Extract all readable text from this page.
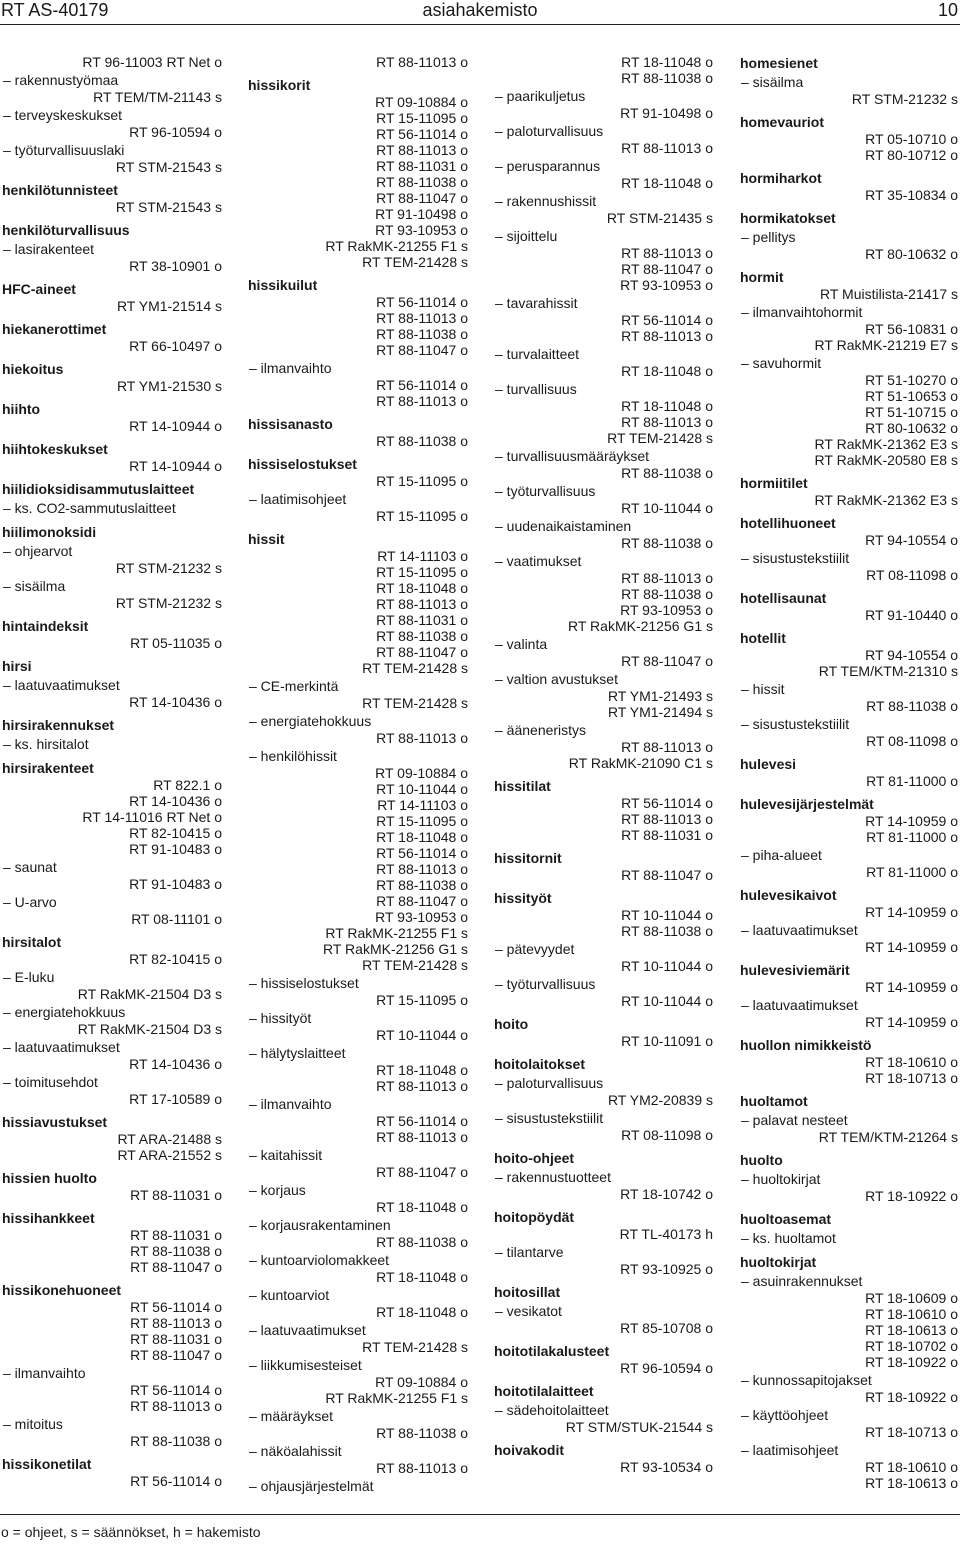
RT AS-40179	asiahakemisto	10
RT 96-11003 RT Net o
– rakennustyömaa
RT TEM/TM-21143 s
– terveyskeskukset
RT 96-10594 o
– työturvallisuuslaki
RT STM-21543 s
henkilötunnisteet
RT STM-21543 s
henkilöturvallisuus
– lasirakenteet
RT 38-10901 o
HFC-aineet
RT YM1-21514 s
hiekanerottimet
RT 66-10497 o
hiekoitus
RT YM1-21530 s
hiihto
RT 14-10944 o
hiihtokeskukset
RT 14-10944 o
hiilidioksidisammutuslaitteet
– ks. CO2-sammutuslaitteet
hiilimonoksidi
– ohjearvot
RT STM-21232 s
– sisäilma
RT STM-21232 s
hintaindeksit
RT 05-11035 o
hirsi
– laatuvaatimukset
RT 14-10436 o
hirsirakennukset
– ks. hirsitalot
hirsirakenteet
RT 822.1 o
RT 14-10436 o
RT 14-11016 RT Net o
RT 82-10415 o
RT 91-10483 o
– saunat
RT 91-10483 o
– U-arvo
RT 08-11101 o
hirsitalot
RT 82-10415 o
– E-luku
RT RakMK-21504 D3 s
– energiatehokkuus
RT RakMK-21504 D3 s
– laatuvaatimukset
RT 14-10436 o
– toimitusehdot
RT 17-10589 o
hissiavustukset
RT ARA-21488 s
RT ARA-21552 s
hissien huolto
RT 88-11031 o
hissihankkeet
RT 88-11031 o
RT 88-11038 o
RT 88-11047 o
hissikonehuoneet
RT 56-11014 o
RT 88-11013 o
RT 88-11031 o
RT 88-11047 o
– ilmanvaihto
RT 56-11014 o
RT 88-11013 o
– mitoitus
RT 88-11038 o
hissikonetilat
RT 56-11014 o
RT 88-11013 o
hissikorit
RT 09-10884 o
RT 15-11095 o
RT 56-11014 o
RT 88-11013 o
RT 88-11031 o
RT 88-11038 o
RT 88-11047 o
RT 91-10498 o
RT 93-10953 o
RT RakMK-21255 F1 s
RT TEM-21428 s
hissikuilut
RT 56-11014 o
RT 88-11013 o
RT 88-11038 o
RT 88-11047 o
– ilmanvaihto
RT 56-11014 o
RT 88-11013 o
hissisanasto
RT 88-11038 o
hissiselostukset
RT 15-11095 o
– laatimisohjeet
RT 15-11095 o
hissit
RT 14-11103 o
RT 15-11095 o
RT 18-11048 o
RT 88-11013 o
RT 88-11031 o
RT 88-11038 o
RT 88-11047 o
RT TEM-21428 s
– CE-merkintä
RT TEM-21428 s
– energiatehokkuus
RT 88-11013 o
– henkilöhissit
RT 09-10884 o
RT 10-11044 o
RT 14-11103 o
RT 15-11095 o
RT 18-11048 o
RT 56-11014 o
RT 88-11013 o
RT 88-11038 o
RT 88-11047 o
RT 93-10953 o
RT RakMK-21255 F1 s
RT RakMK-21256 G1 s
RT TEM-21428 s
– hissiselostukset
RT 15-11095 o
– hissityöt
RT 10-11044 o
– hälytyslaitteet
RT 18-11048 o
RT 88-11013 o
– ilmanvaihto
RT 56-11014 o
RT 88-11013 o
– kaitahissit
RT 88-11047 o
– korjaus
RT 18-11048 o
– korjausrakentaminen
RT 88-11038 o
– kuntoarviolomakkeet
RT 18-11048 o
– kuntoarviot
RT 18-11048 o
– laatuvaatimukset
RT TEM-21428 s
– liikkumisesteiset
RT 09-10884 o
RT RakMK-21255 F1 s
– määräykset
RT 88-11038 o
– näköalahissit
RT 88-11013 o
– ohjausjärjestelmät
RT 18-11048 o
RT 88-11038 o
– paarikuljetus
RT 91-10498 o
– paloturvallisuus
RT 88-11013 o
– perusparannus
RT 18-11048 o
– rakennushissit
RT STM-21435 s
– sijoittelu
RT 88-11013 o
RT 88-11047 o
RT 93-10953 o
– tavarahissit
RT 56-11014 o
RT 88-11013 o
– turvalaitteet
RT 18-11048 o
– turvallisuus
RT 18-11048 o
RT 88-11013 o
RT TEM-21428 s
– turvallisuusmääräykset
RT 88-11038 o
– työturvallisuus
RT 10-11044 o
– uudenaikaistaminen
RT 88-11038 o
– vaatimukset
RT 88-11013 o
RT 88-11038 o
RT 93-10953 o
RT RakMK-21256 G1 s
– valinta
RT 88-11047 o
– valtion avustukset
RT YM1-21493 s
RT YM1-21494 s
– ääneneristys
RT 88-11013 o
RT RakMK-21090 C1 s
hissitilat
RT 56-11014 o
RT 88-11013 o
RT 88-11031 o
hissitornit
RT 88-11047 o
hissityöt
RT 10-11044 o
RT 88-11038 o
– pätevyydet
RT 10-11044 o
– työturvallisuus
RT 10-11044 o
hoito
RT 10-11091 o
hoitolaitokset
– paloturvallisuus
RT YM2-20839 s
– sisustustekstiilit
RT 08-11098 o
hoito-ohjeet
– rakennustuotteet
RT 18-10742 o
hoitopöydät
RT TL-40173 h
– tilantarve
RT 93-10925 o
hoitosillat
– vesikatot
RT 85-10708 o
hoitotilakalusteet
RT 96-10594 o
hoitotilalaitteet
– sädehoitolaitteet
RT STM/STUK-21544 s
hoivakodit
RT 93-10534 o
homesienet
– sisäilma
RT STM-21232 s
homevauriot
RT 05-10710 o
RT 80-10712 o
hormiharkot
RT 35-10834 o
hormikatokset
– pellitys
RT 80-10632 o
hormit
RT Muistilista-21417 s
– ilmanvaihtohormit
RT 56-10831 o
RT RakMK-21219 E7 s
– savuhormit
RT 51-10270 o
RT 51-10653 o
RT 51-10715 o
RT 80-10632 o
RT RakMK-21362 E3 s
RT RakMK-20580 E8 s
hormiitilet
RT RakMK-21362 E3 s
hotellihuoneet
RT 94-10554 o
– sisustustekstiilit
RT 08-11098 o
hotellisaunat
RT 91-10440 o
hotellit
RT 94-10554 o
RT TEM/KTM-21310 s
– hissit
RT 88-11038 o
– sisustustekstiilit
RT 08-11098 o
hulevesi
RT 81-11000 o
hulevesijärjestelmät
RT 14-10959 o
RT 81-11000 o
– piha-alueet
RT 81-11000 o
hulevesikaivot
RT 14-10959 o
– laatuvaatimukset
RT 14-10959 o
hulevesiviemärit
RT 14-10959 o
– laatuvaatimukset
RT 14-10959 o
huollon nimikkeistö
RT 18-10610 o
RT 18-10713 o
huoltamot
– palavat nesteet
RT TEM/KTM-21264 s
huolto
– huoltokirjat
RT 18-10922 o
huoltoasemat
– ks. huoltamot
huoltokirjat
– asuinrakennukset
RT 18-10609 o
RT 18-10610 o
RT 18-10613 o
RT 18-10702 o
RT 18-10922 o
– kunnossapitojakset
RT 18-10922 o
– käyttöohjeet
RT 18-10713 o
– laatimisohjeet
RT 18-10610 o
RT 18-10613 o
o = ohjeet, s = säännökset, h = hakemisto
